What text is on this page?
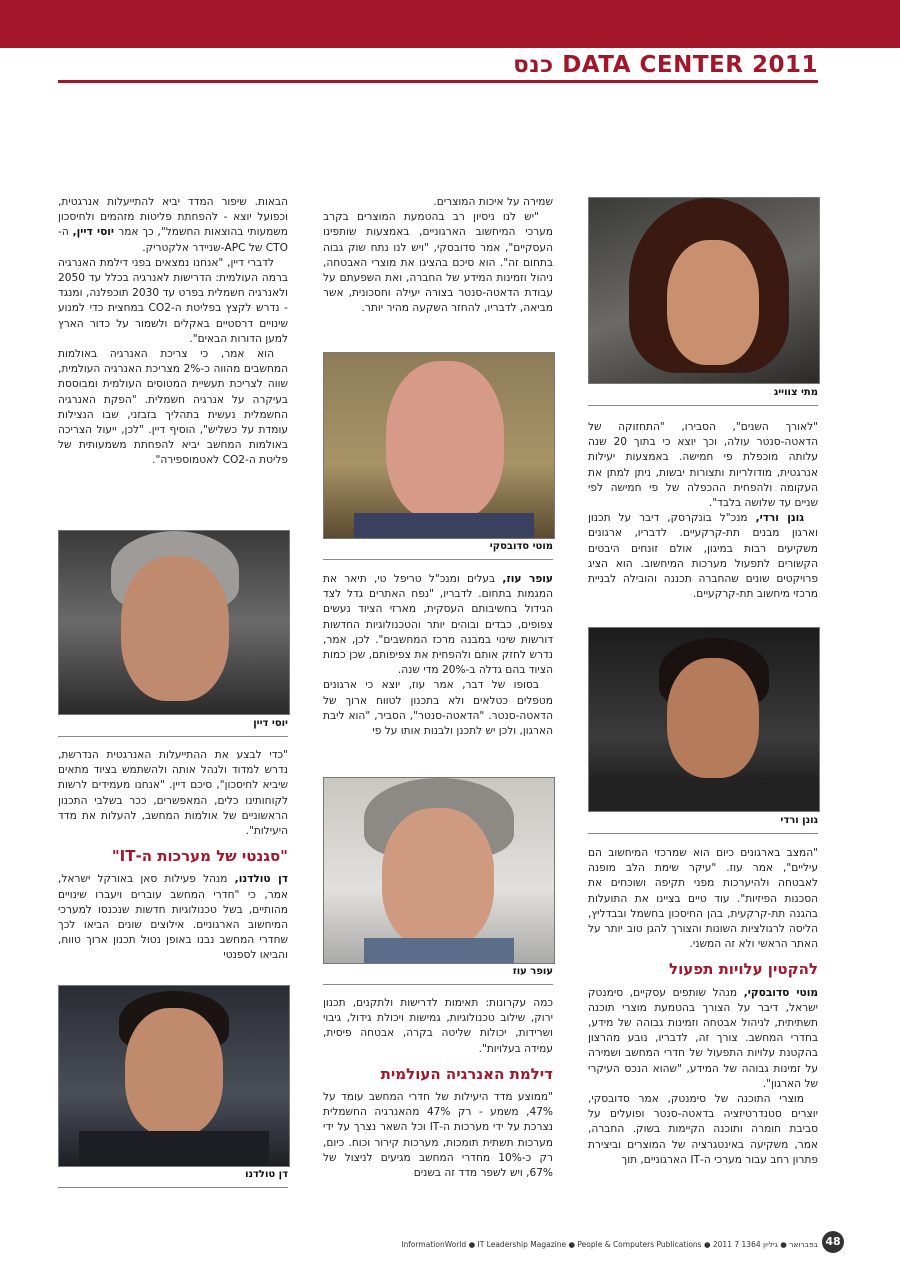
DATA CENTER 2011 כנס
מתי צווייג
גונן ורדי
מוטי סדובסקי
עופר עוז
יוסי דיין
דן טולדנו

"לאורך השנים", הסבירו, "התחזוקה של הדאטה-סנטר עולה, וכך יוצא כי בתוך 20 שנה עלותה מוכפלת פי חמישה. באמצעות יעילות אנרגטית, מודולריות ותצורות יבשות, ניתן למתן את העקומה ולהפחית ההכפלה של פי חמישה לפי שניים עד שלושה בלבד".

גונן ורדי, מנכ"ל בונקרסק, דיבר על תכנון וארגון מבנים תת-קרקעיים. לדבריו, ארגונים משקיעים רבות במיגון, אולם זונחים היבטים הקשורים לתפעול מערכות המיחשוב. הוא הציג פרויקטים שונים שהחברה תכננה והובילה לבניית מרכזי מיחשוב תת-קרקעיים.

"המצב בארגונים כיום הוא שמרכזי המיחשוב הם עיליים", אמר עוז. "עיקר שימת הלב מופנה לאבטחה ולהיערכות מפני תקיפה ושוכחים את הסכנות הפיזיות". עוד טיים בציינו את התועלות בהגנה תת-קרקעית, בהן החיסכון בחשמל ובבדליץ, הליסה לרגולציות השונות והצורך להגן טוב יותר על האתר הראשי ולא זה המשני.

להקטין עלויות תפעול

מוטי סדובסקי, מנהל שותפים עסקיים, סימנטק ישראל, דיבר על הצורך בהטמעת מוצרי תוכנה תשתיתית, לניהול אבטחה וזמינות גבוהה של מידע, בחדרי המחשב. צורך זה, לדבריו, נובע מהרצון בהקטנת עלויות התפעול של חדרי המחשב ושמירה על זמינות גבוהה של המידע, "שהוא הנכס העיקרי של הארגון".

מוצרי התוכנה של סימנטק, אמר סדובסקי, יוצרים סטנדרטיזציה בדאטה-סנטר ופועלים על סביבת חומרה ותוכנה הקיימות בשוק. החברה, אמר, משקיעה באינטגרציה של המוצרים וביצירת פתרון רחב עבור מערכי ה-IT הארגוניים, תוך

שמירה על איכות המוצרים.

"יש לנו ניסיון רב בהטמעת המוצרים בקרב מערכי המיחשוב הארגוניים, באמצעות שותפינו העסקיים", אמר סדובסקי, "ויש לנו נתח שוק גבוה בתחום זה". הוא סיכם בהציגו את מוצרי האבטחה, ניהול וזמינות המידע של החברה, ואת השפעתם על עבודת הדאטה-סנטר בצורה יעילה וחסכונית, אשר מביאה, לדבריו, להחזר השקעה מהיר יותר.

עופר עוז, בעלים ומנכ"ל טריפל טי, תיאר את המגמות בתחום. לדבריו, "נפח האתרים גדל לצד הגידול בחשיבותם העסקית, מארזי הציוד נעשים צפופים, כבדים ובוהים יותר והטכנולוגיות החדשות דורשות שינוי במבנה מרכז המחשבים". לכן, אמר, נדרש לחזק אותם ולהפחית את צפיפותם, שכן כמות הציוד בהם גדלה ב-20% מדי שנה.

בסופו של דבר, אמר עוז, יוצא כי ארגונים מטפלים כטלאים ולא בתכנון לטווח ארוך של הדאטה-סנטר. "הדאטה-סנטר", הסביר, "הוא ליבת הארגון, ולכן יש לתכנן ולבנות אותו על פי

כמה עקרונות: תאימות לדרישות ולתקנים, תכנון ירוק, שילוב טכנולוגיות, גמישות ויכולת גידול, גיבוי ושרידות, יכולות שליטה בקרה, אבטחה פיסית, עמידה בעלויות".

דילמת האנרגיה העולמית

"ממוצע מדד היעילות של חדרי המחשב עומד על 47%, משמע - רק 47% מהאנרגיה החשמלית נצרכת על ידי מערכות ה-IT וכל השאר נצרך על ידי מערכות תשתית תומכות, מערכות קירור וכוח. כיום, רק כ-10% מחדרי המחשב מגיעים לניצול של 67%, ויש לשפר מדד זה בשנים

הבאות. שיפור המדד יביא להתייעלות אנרגטית, וכפועל יוצא - להפחתת פליטות מזהמים ולחיסכון משמעותי בהוצאות החשמל", כך אמר יוסי דיין, ה-CTO של APC-שניידר אלקטריק.

לדברי דיין, "אנחנו נמצאים בפני דילמת האנרגיה ברמה העולמית: הדרישות לאנרגיה בכלל עד 2050 ולאנרגיה חשמלית בפרט עד 2030 תוכפלנה, ומנגד - נדרש לקצץ בפליטת ה-CO2 במחצית כדי למנוע שינויים דרסטיים באקלים ולשמור על כדור הארץ למען הדורות הבאים".

הוא אמר, כי צריכת האנרגיה באולמות המחשבים מהווה כ-2% מצריכת האנרגיה העולמית, שווה לצריכת תעשיית המטוסים העולמית ומבוססת בעיקרה על אנרגיה חשמלית. "הפקת האנרגיה החשמלית נעשית בתהליך בזבזני, שבו הנצילות עומדת על כשליש", הוסיף דיין. "לכן, ייעול הצריכה באולמות המחשב יביא להפחתת משמעותית של פליטת ה-CO2 לאטמוספירה".

"כדי לבצע את ההתייעלות האנרגטית הנדרשת, נדרש למדוד ולנהל אותה ולהשתמש בציוד מתאים שיביא לחיסכון", סיכם דיין. "אנחנו מעמידים לרשות לקוחותינו כלים, המאפשרים, ככר בשלבי התכנון הראשוניים של אולמות המחשב, להעלות את מדד היעילות".

"סגנטי של מערכות ה-IT"

דן טולדנו, מנהל פעילות סאן באורקל ישראל, אמר, כי "חדרי המחשב עוברים ויעברו שינויים מהותיים, בשל טכנולוגיות חדשות שנכנסו למערכי המיחשוב הארגוניים. אילוצים שונים הביאו לכך שחדרי המחשב נבנו באופן נטול תכנון ארוך טווח, והביאו לספנטי

InformationWorld ● IT Leadership Magazine ● People & Computers Publications ● 2011 7 בפברואר ● גיליון 1364 48
